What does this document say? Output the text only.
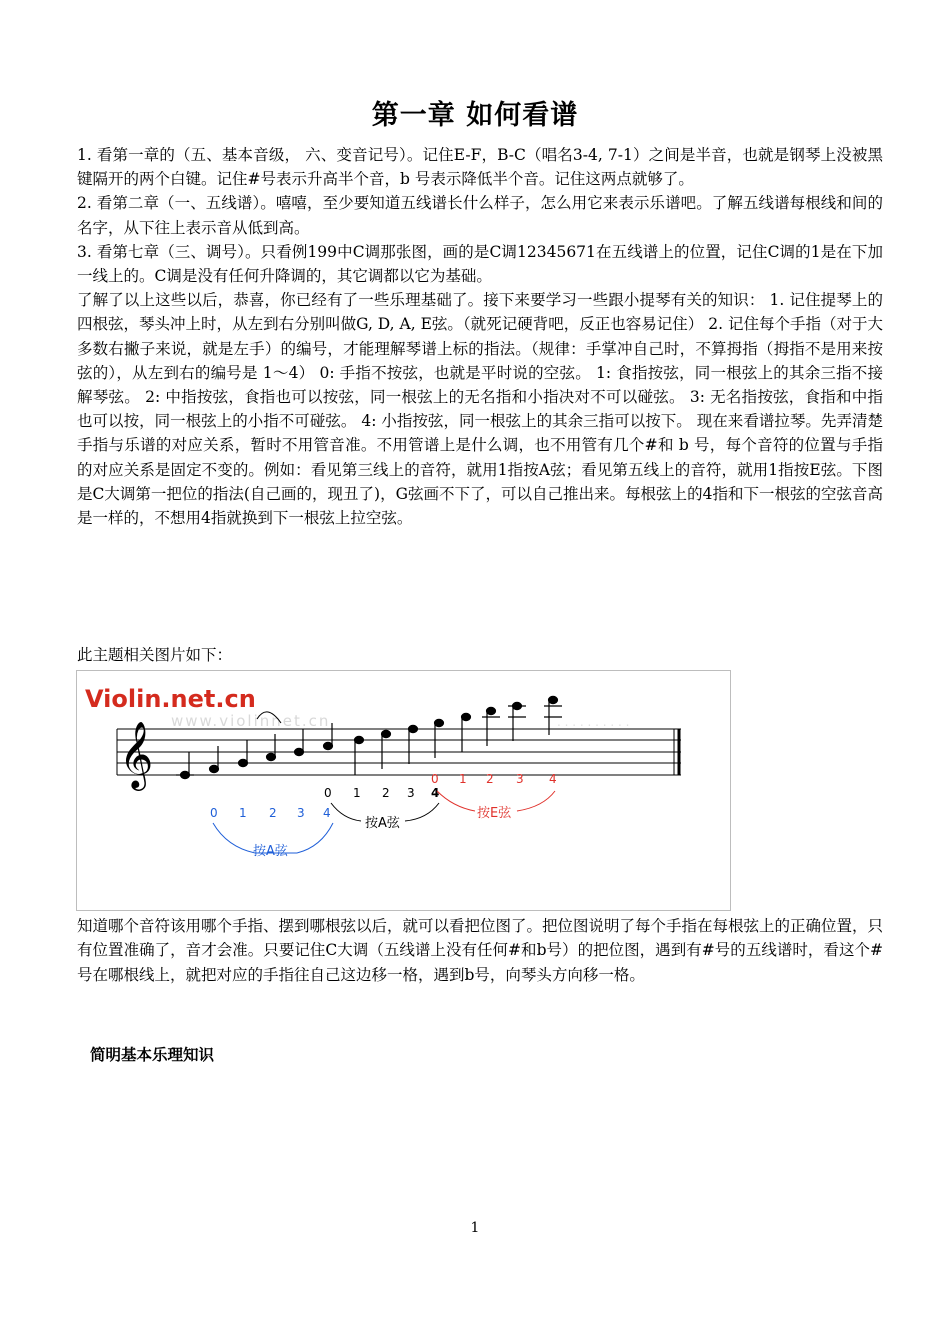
第一章 如何看谱

1. 看第一章的（五、基本音级， 六、变音记号）。记住E-F，B-C（唱名3-4, 7-1）之间是半音，也就是钢琴上没被黑键隔开的两个白键。记住#号表示升高半个音，b 号表示降低半个音。记住这两点就够了。

2. 看第二章（一、五线谱）。嘻嘻，至少要知道五线谱长什么样子，怎么用它来表示乐谱吧。了解五线谱每根线和间的名字，从下往上表示音从低到高。

3. 看第七章（三、调号）。只看例199中C调那张图，画的是C调12345671在五线谱上的位置，记住C调的1是在下加一线上的。C调是没有任何升降调的，其它调都以它为基础。

了解了以上这些以后，恭喜，你已经有了一些乐理基础了。接下来要学习一些跟小提琴有关的知识： 1. 记住提琴上的四根弦，琴头冲上时，从左到右分别叫做G, D, A, E弦。（就死记硬背吧，反正也容易记住） 2. 记住每个手指（对于大多数右撇子来说，就是左手）的编号，才能理解琴谱上标的指法。（规律：手掌冲自己时，不算拇指（拇指不是用来按弦的），从左到右的编号是 1～4） 0: 手指不按弦，也就是平时说的空弦。 1: 食指按弦，同一根弦上的其余三指不接解琴弦。 2: 中指按弦，食指也可以按弦，同一根弦上的无名指和小指决对不可以碰弦。 3: 无名指按弦，食指和中指也可以按，同一根弦上的小指不可碰弦。 4: 小指按弦，同一根弦上的其余三指可以按下。 现在来看谱拉琴。先弄清楚手指与乐谱的对应关系，暂时不用管音准。不用管谱上是什么调，也不用管有几个#和 b 号，每个音符的位置与手指的对应关系是固定不变的。例如：看见第三线上的音符，就用1指按A弦；看见第五线上的音符，就用1指按E弦。下图是C大调第一把位的指法(自己画的，现丑了)，G弦画不下了，可以自己推出来。每根弦上的4指和下一根弦的空弦音高是一样的，不想用4指就换到下一根弦上拉空弦。

此主题相关图片如下：
Violin.net.cn
www.violinnet.cn	. . . . . . . . . .
𝄞
0 1 2 3 4
按A弦
0 1 2 3 4
按A弦
0 1 2 3 4
按E弦

知道哪个音符该用哪个手指、摆到哪根弦以后，就可以看把位图了。把位图说明了每个手指在每根弦上的正确位置，只有位置准确了，音才会准。只要记住C大调（五线谱上没有任何#和b号）的把位图，遇到有#号的五线谱时，看这个#号在哪根线上，就把对应的手指往自己这边移一格，遇到b号，向琴头方向移一格。

简明基本乐理知识
1
